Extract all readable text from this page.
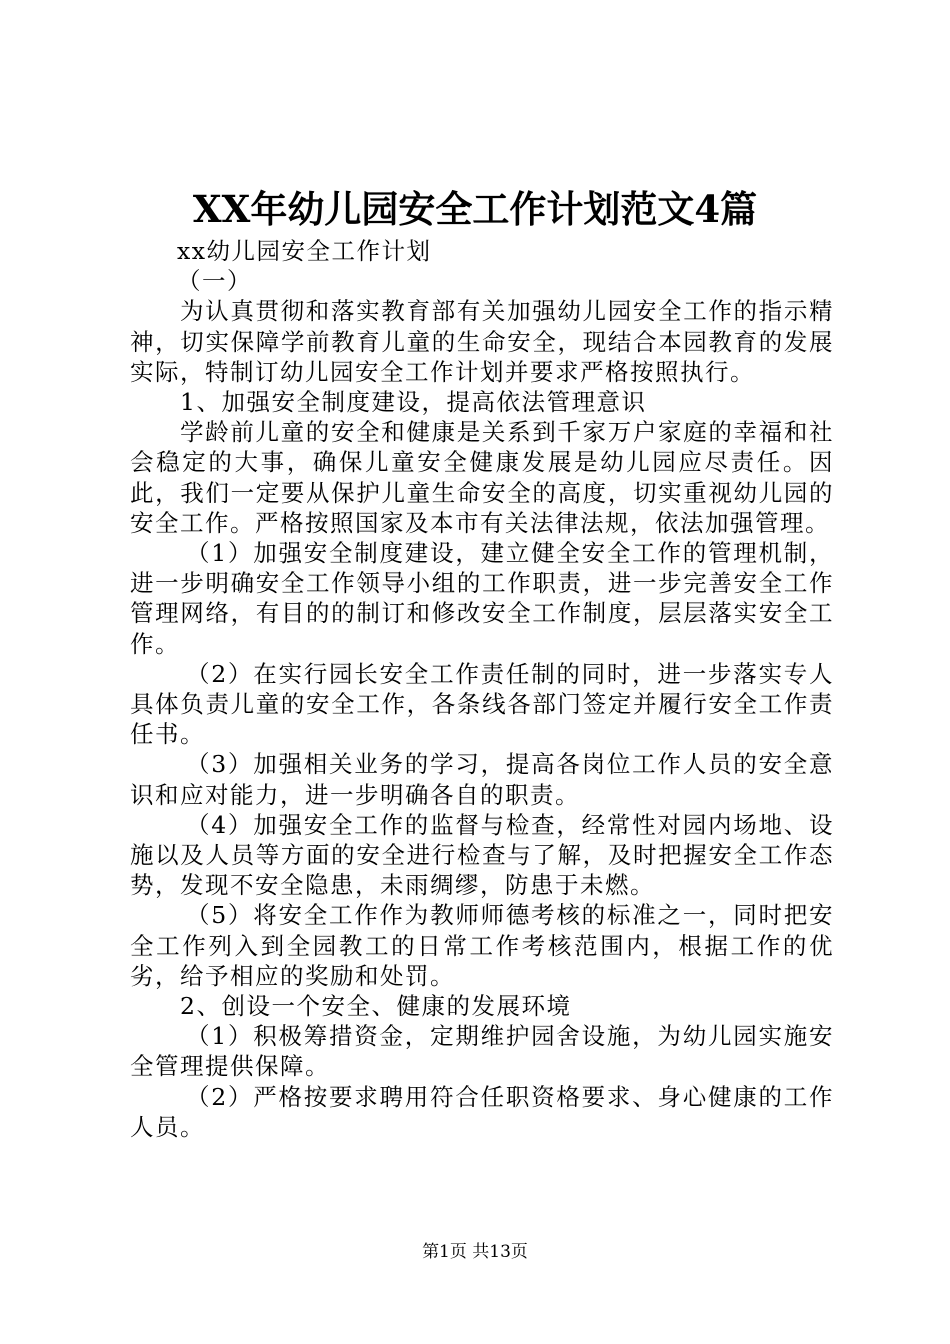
XX年幼儿园安全工作计划范文4篇

xx幼儿园安全工作计划

（一）

为认真贯彻和落实教育部有关加强幼儿园安全工作的指示精神，切实保障学前教育儿童的生命安全，现结合本园教育的发展实际，特制订幼儿园安全工作计划并要求严格按照执行。

1、加强安全制度建设，提高依法管理意识

学龄前儿童的安全和健康是关系到千家万户家庭的幸福和社会稳定的大事，确保儿童安全健康发展是幼儿园应尽责任。因此，我们一定要从保护儿童生命安全的高度，切实重视幼儿园的安全工作。严格按照国家及本市有关法律法规，依法加强管理。

（1）加强安全制度建设，建立健全安全工作的管理机制，进一步明确安全工作领导小组的工作职责，进一步完善安全工作管理网络，有目的的制订和修改安全工作制度，层层落实安全工作。

（2）在实行园长安全工作责任制的同时，进一步落实专人具体负责儿童的安全工作，各条线各部门签定并履行安全工作责任书。

（3）加强相关业务的学习，提高各岗位工作人员的安全意识和应对能力，进一步明确各自的职责。

（4）加强安全工作的监督与检查，经常性对园内场地、设施以及人员等方面的安全进行检查与了解，及时把握安全工作态势，发现不安全隐患，未雨绸缪，防患于未燃。

（5）将安全工作作为教师师德考核的标准之一，同时把安全工作列入到全园教工的日常工作考核范围内，根据工作的优劣，给予相应的奖励和处罚。

2、创设一个安全、健康的发展环境

（1）积极筹措资金，定期维护园舍设施，为幼儿园实施安全管理提供保障。

（2）严格按要求聘用符合任职资格要求、身心健康的工作人员。

第1页 共13页
